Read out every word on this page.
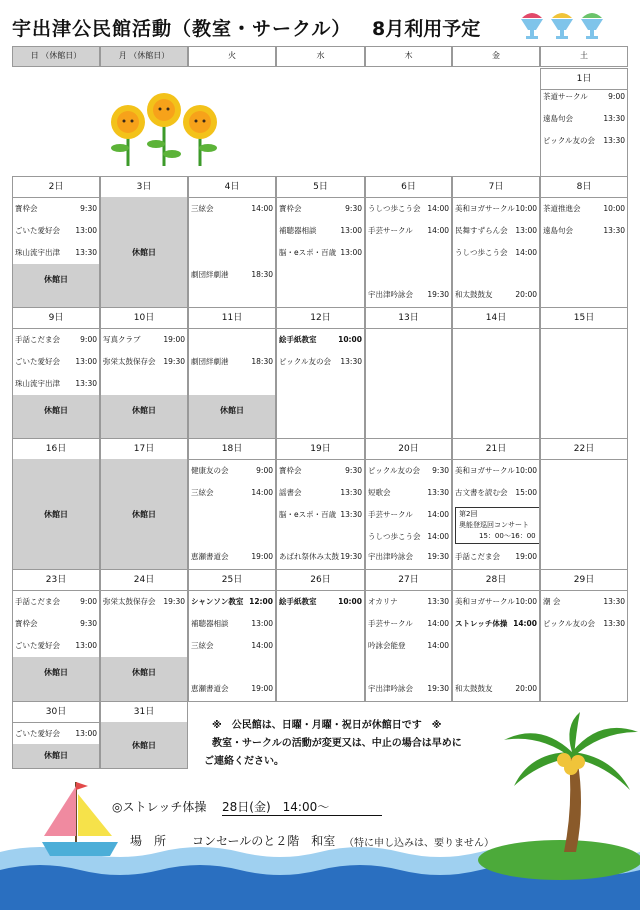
宇出津公民館活動（教室・サークル） 8月利用予定
日 （休館日）	月 （休館日）	火	水	木	金	土
1日
茶道サークル	9:00
遠島句会	13:30
ピックル友の会 13:30
2日
休館日
寳枠会	9:30
ごいた愛好会 13:00
珠山流宇出津 13:30
3日
休館日
4日
三絃会	14:00
劇団絆劇港	18:30
5日
寳枠会	9:30
補聴器相談	13:00
脳・eスポ・百歳 13:00
6日
うしつ歩こう会 14:00
手芸サークル 14:00
宇出津吟詠会 19:30
7日
美和ヨガサークル 10:00
民舞すずらん会 13:00
うしつ歩こう会 14:00
和太鼓鼓友	20:00
8日
茶道推進会	10:00
遠島句会	13:30
9日
休館日
手話こだま会	9:00
ごいた愛好会 13:00
珠山流宇出津 13:30
10日
休館日
写真クラブ	19:00
弥栄太鼓保存会 19:30
11日
休館日
劇団絆劇港	18:30
12日
絵手紙教室	10:00
ピックル友の会 13:30
13日	14日	15日
16日
休館日
17日
休館日
18日
健康友の会	9:00
三絃会	14:00
恵瀬書道会	19:00
19日
寳枠会	9:30
謡書会	13:30
脳・eスポ・百歳 13:30
あばれ祭休み太鼓 19:30
20日
ピックル友の会 9:30
短歌会	13:30
手芸サークル 14:00
うしつ歩こう会 14:00
宇出津吟詠会 19:30
21日
美和ヨガサークル 10:00
古文書を読む会 15:00
手話こだま会 19:00
第2回
奥能登巡回コンサート
15：00～16：00
22日
23日
休館日
手話こだま会	9:00
寳枠会	9:30
ごいた愛好会 13:00
24日
休館日
弥栄太鼓保存会 19:30
25日
シャンソン教室 12:00
補聴器相談	13:00
三絃会	14:00
恵瀬書道会	19:00
26日
絵手紙教室	10:00
27日
オカリナ	13:30
手芸サークル 14:00
吟詠会能登	14:00
宇出津吟詠会 19:30
28日
美和ヨガサークル 10:00
ストレッチ体操 14:00
和太鼓鼓友	20:00
29日
潮 会	13:30
ピックル友の会 13:30
30日
休館日
ごいた愛好会 13:00
31日
休館日
※　公民館は、日曜・月曜・祝日が休館日です　※
教室・サークルの活動が変更又は、中止の場合は早めに
ご連絡ください。
◎ストレッチ体操 28日(金)　14:00～
場　所 コンセールのと２階　和室 （特に申し込みは、要りません）
